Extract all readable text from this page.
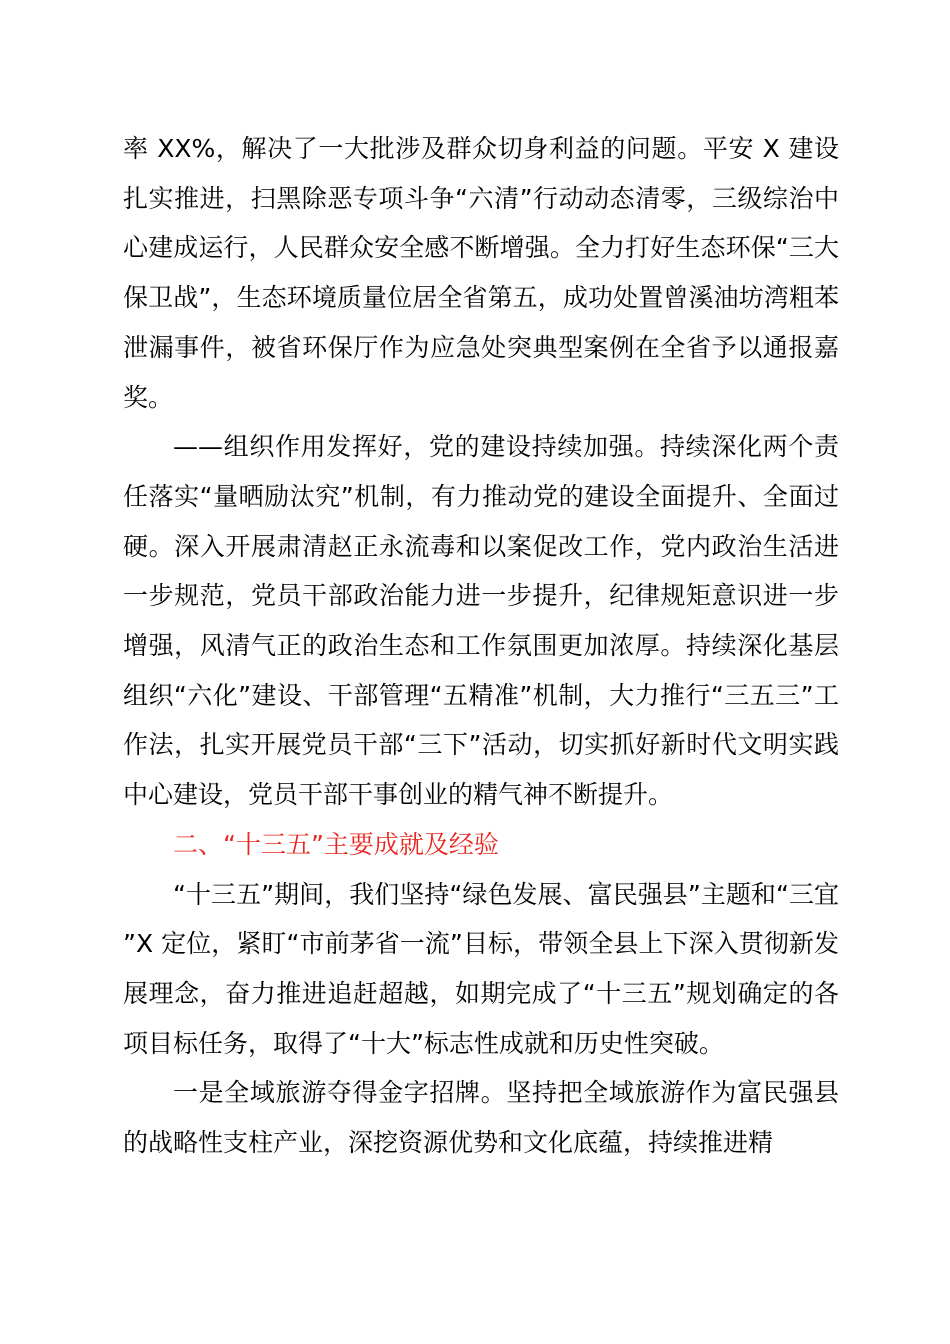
率 XX%，解决了一大批涉及群众切身利益的问题。平安 X 建设扎实推进，扫黑除恶专项斗争“六清”行动动态清零，三级综治中心建成运行，人民群众安全感不断增强。全力打好生态环保“三大保卫战”，生态环境质量位居全省第五，成功处置曾溪油坊湾粗苯泄漏事件，被省环保厅作为应急处突典型案例在全省予以通报嘉奖。

——组织作用发挥好，党的建设持续加强。持续深化两个责任落实“量晒励汰究”机制，有力推动党的建设全面提升、全面过硬。深入开展肃清赵正永流毒和以案促改工作，党内政治生活进一步规范，党员干部政治能力进一步提升，纪律规矩意识进一步增强，风清气正的政治生态和工作氛围更加浓厚。持续深化基层组织“六化”建设、干部管理“五精准”机制，大力推行“三五三”工作法，扎实开展党员干部“三下”活动，切实抓好新时代文明实践中心建设，党员干部干事创业的精气神不断提升。

二、“十三五”主要成就及经验

“十三五”期间，我们坚持“绿色发展、富民强县”主题和“三宜”X 定位，紧盯“市前茅省一流”目标，带领全县上下深入贯彻新发展理念，奋力推进追赶超越，如期完成了“十三五”规划确定的各项目标任务，取得了“十大”标志性成就和历史性突破。

一是全域旅游夺得金字招牌。坚持把全域旅游作为富民强县的战略性支柱产业，深挖资源优势和文化底蕴，持续推进精
